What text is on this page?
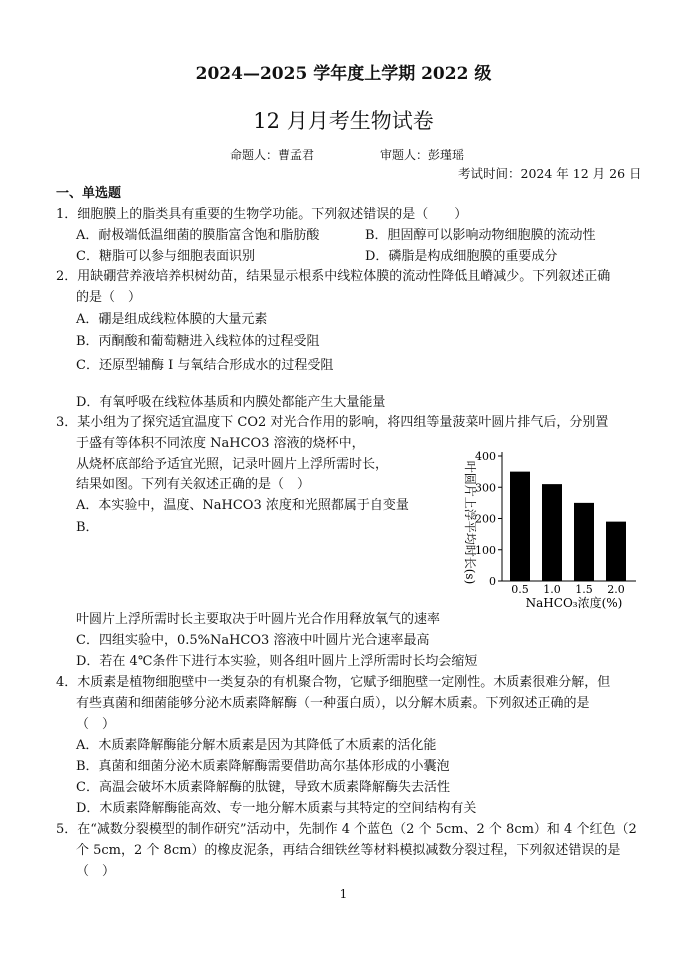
2024—2025 学年度上学期 2022 级
12 月月考生物试卷
命题人：曹孟君	审题人：彭瑾瑶
考试时间：2024 年 12 月 26 日
一、单选题
1．细胞膜上的脂类具有重要的生物学功能。下列叙述错误的是（　　）
A．耐极端低温细菌的膜脂富含饱和脂肪酸	B．胆固醇可以影响动物细胞膜的流动性
C．糖脂可以参与细胞表面识别	D．磷脂是构成细胞膜的重要成分
2．用缺硼营养液培养枳树幼苗，结果显示根系中线粒体膜的流动性降低且嵴减少。下列叙述正确
的是（　）
A．硼是组成线粒体膜的大量元素
B．丙酮酸和葡萄糖进入线粒体的过程受阻
C．还原型辅酶 Ⅰ 与氧结合形成水的过程受阻
D．有氧呼吸在线粒体基质和内膜处都能产生大量能量
3．某小组为了探究适宜温度下 CO2 对光合作用的影响，将四组等量菠菜叶圆片排气后，分别置
于盛有等体积不同浓度 NaHCO3 溶液的烧杯中，
从烧杯底部给予适宜光照，记录叶圆片上浮所需时长，
结果如图。下列有关叙述正确的是（　）
A．本实验中，温度、NaHCO3 浓度和光照都属于自变量
B．
0
100
200
300
400
0.5 1.0 1.5 2.0
NaHCO₃浓度(%)
叶圆片上浮平均时长(s)
叶圆片上浮所需时长主要取决于叶圆片光合作用释放氧气的速率
C．四组实验中，0.5%NaHCO3 溶液中叶圆片光合速率最高
D．若在 4℃条件下进行本实验，则各组叶圆片上浮所需时长均会缩短
4．木质素是植物细胞壁中一类复杂的有机聚合物，它赋予细胞壁一定刚性。木质素很难分解，但
有些真菌和细菌能够分泌木质素降解酶（一种蛋白质），以分解木质素。下列叙述正确的是
（　）
A．木质素降解酶能分解木质素是因为其降低了木质素的活化能
B．真菌和细菌分泌木质素降解酶需要借助高尔基体形成的小囊泡
C．高温会破坏木质素降解酶的肽键，导致木质素降解酶失去活性
D．木质素降解酶能高效、专一地分解木质素与其特定的空间结构有关
5．在“减数分裂模型的制作研究”活动中，先制作 4 个蓝色（2 个 5cm、2 个 8cm）和 4 个红色（2
个 5cm，2 个 8cm）的橡皮泥条，再结合细铁丝等材料模拟减数分裂过程，下列叙述错误的是
（　）
1
